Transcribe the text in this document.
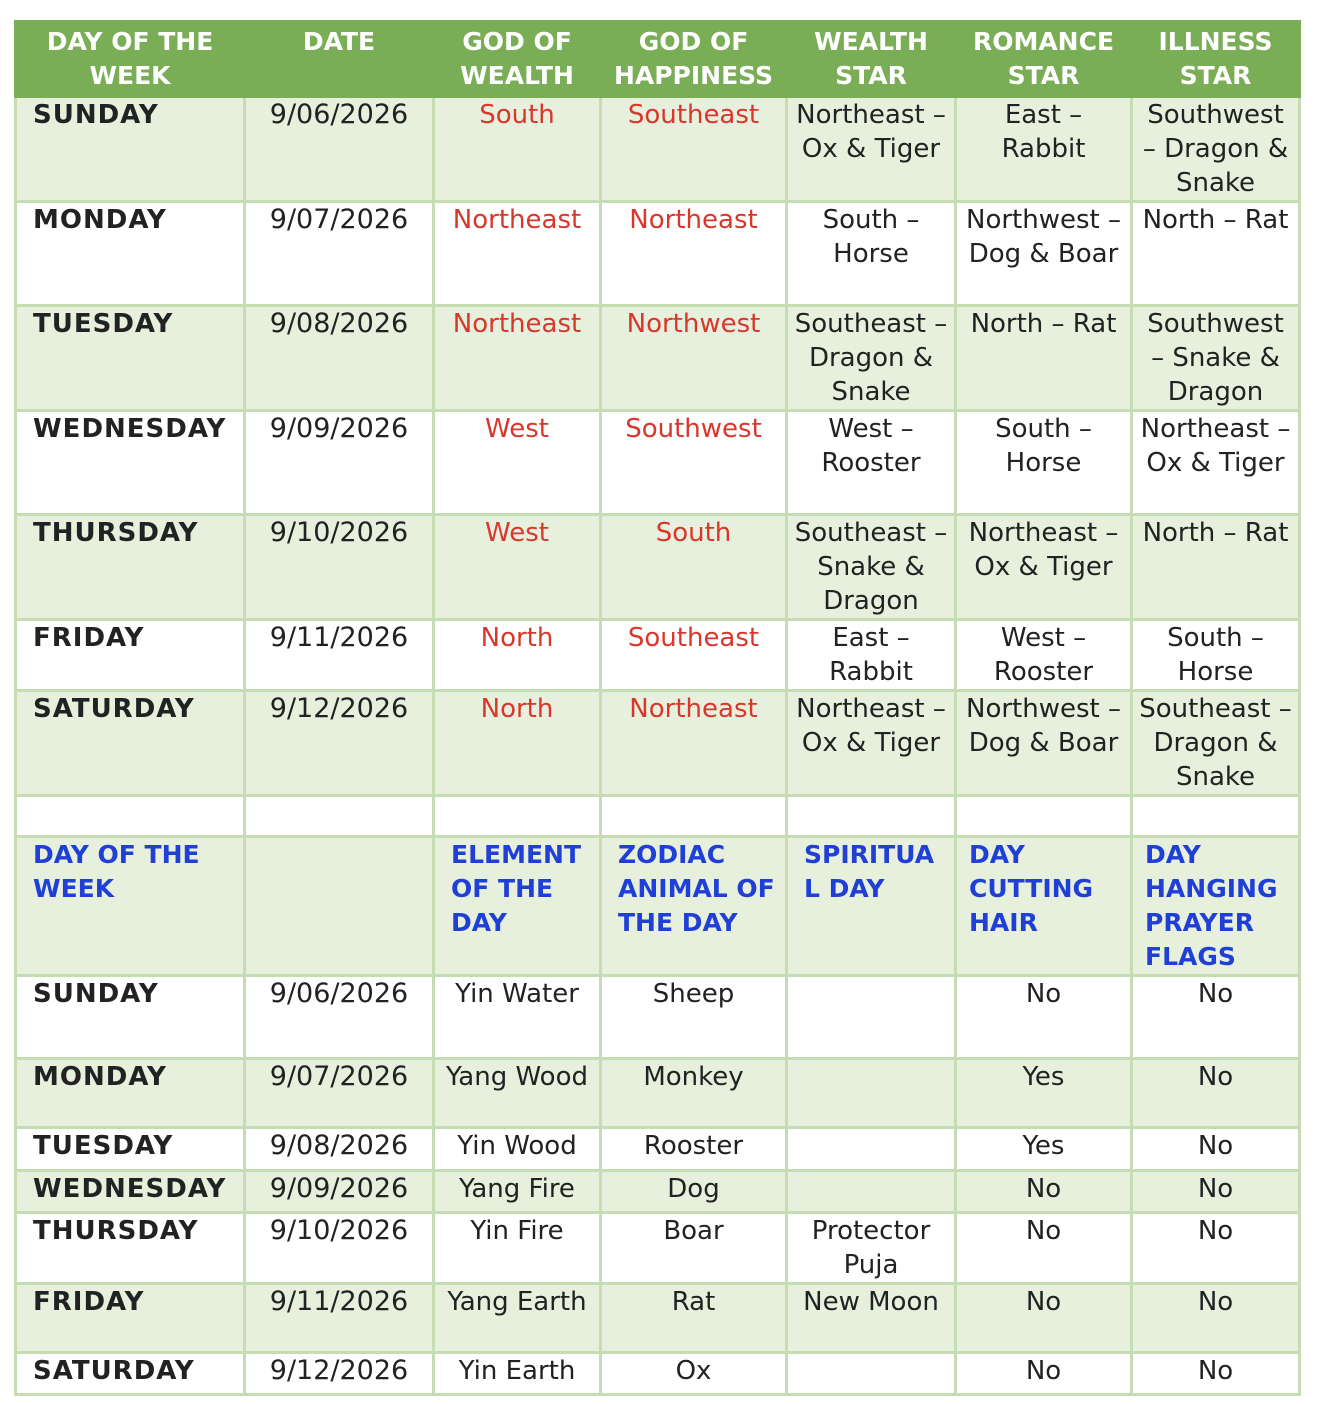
DAY OF THE WEEK	DATE	GOD OF WEALTH	GOD OF HAPPINESS	WEALTH STAR	ROMANCE STAR	ILLNESS STAR
SUNDAY	9/06/2026	South	Southeast	Northeast – Ox & Tiger	East – Rabbit	Southwest – Dragon & Snake
MONDAY	9/07/2026	Northeast	Northeast	South – Horse	Northwest – Dog & Boar	North – Rat
TUESDAY	9/08/2026	Northeast	Northwest	Southeast – Dragon & Snake	North – Rat	Southwest – Snake & Dragon
WEDNESDAY	9/09/2026	West	Southwest	West – Rooster	South – Horse	Northeast – Ox & Tiger
THURSDAY	9/10/2026	West	South	Southeast – Snake & Dragon	Northeast – Ox & Tiger	North – Rat
FRIDAY	9/11/2026	North	Southeast	East – Rabbit	West – Rooster	South – Horse
SATURDAY	9/12/2026	North	Northeast	Northeast – Ox & Tiger	Northwest – Dog & Boar	Southeast – Dragon & Snake

DAY OF THE WEEK		ELEMENT OF THE DAY	ZODIAC ANIMAL OF THE DAY	SPIRITUAL DAY	DAY CUTTING HAIR	DAY HANGING PRAYER FLAGS
SUNDAY	9/06/2026	Yin Water	Sheep		No	No
MONDAY	9/07/2026	Yang Wood	Monkey		Yes	No
TUESDAY	9/08/2026	Yin Wood	Rooster		Yes	No
WEDNESDAY	9/09/2026	Yang Fire	Dog		No	No
THURSDAY	9/10/2026	Yin Fire	Boar	Protector Puja	No	No
FRIDAY	9/11/2026	Yang Earth	Rat	New Moon	No	No
SATURDAY	9/12/2026	Yin Earth	Ox		No	No
